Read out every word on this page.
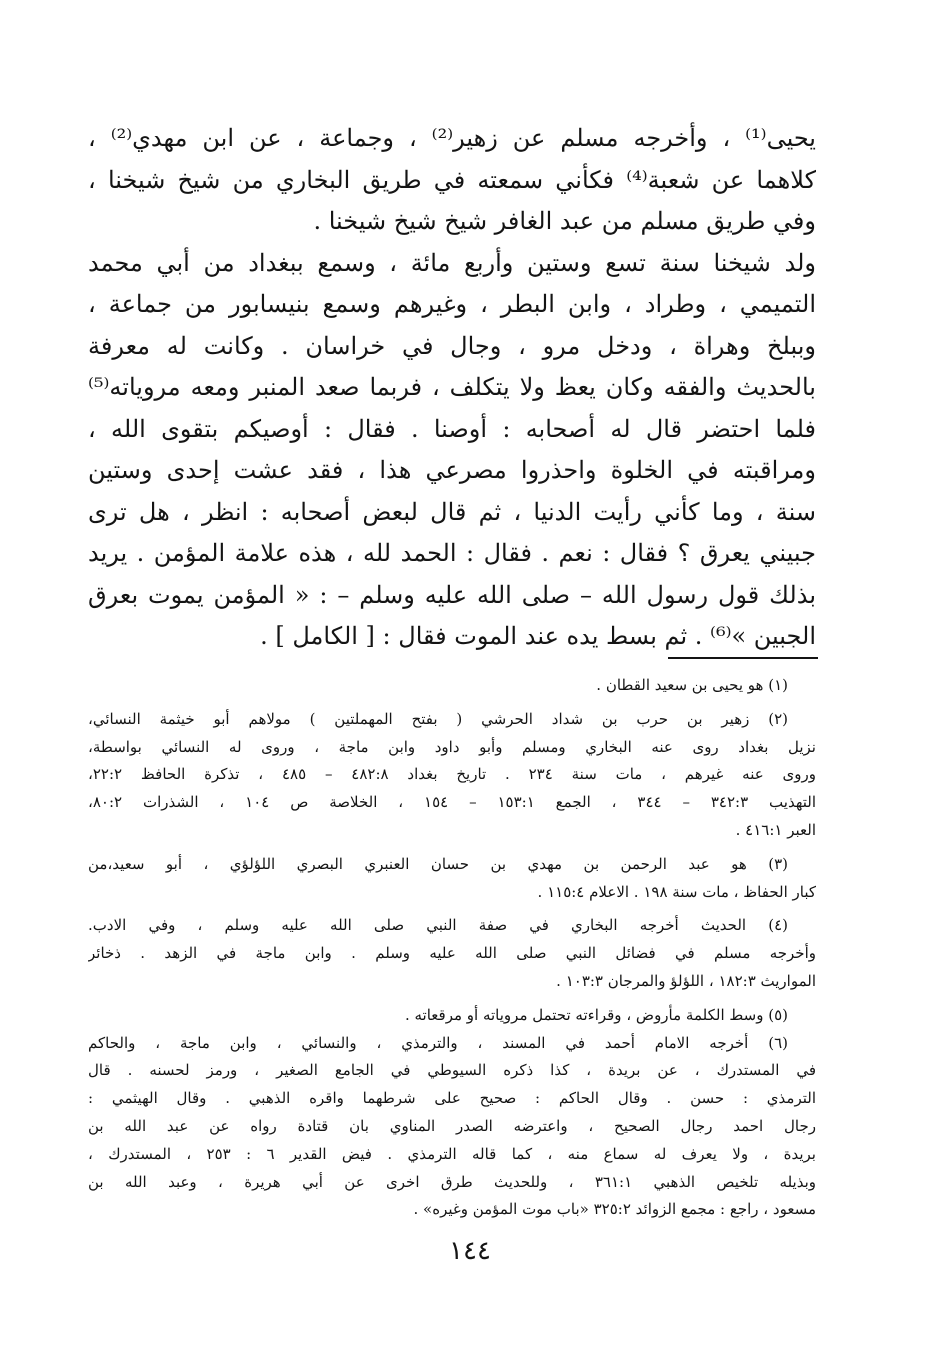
يحيى⁽¹⁾ ، وأخرجه مسلم عن زهير⁽²⁾ ، وجماعة ، عن ابن مهدي⁽²⁾ ،
كلاهما عن شعبة⁽⁴⁾ فكأني سمعته في طريق البخاري من شيخ شيخنا ،
وفي طريق مسلم من عبد الغافر شيخ شيخ شيخنا .
ولد شيخنا سنة تسع وستين وأربع مائة ، وسمع ببغداد من أبي محمد
التميمي ، وطراد ، وابن البطر ، وغيرهم وسمع بنيسابور من جماعة ،
وببلخ وهراة ، ودخل مرو ، وجال في خراسان . وكانت له معرفة
بالحديث والفقه وكان يعظ ولا يتكلف ، فربما صعد المنبر ومعه مروياته⁽⁵⁾
فلما احتضر قال له أصحابه : أوصنا . فقال : أوصيكم بتقوى الله ،
ومراقبته في الخلوة واحذروا مصرعي هذا ، فقد عشت إحدى وستين
سنة ، وما كأني رأيت الدنيا ، ثم قال لبعض أصحابه : انظر ، هل ترى
جبيني يعرق ؟ فقال : نعم . فقال : الحمد لله ، هذه علامة المؤمن . يريد
بذلك قول رسول الله – صلى الله عليه وسلم – : « المؤمن يموت بعرق
الجبين »⁽⁶⁾ . ثم بسط يده عند الموت فقال : [ الكامل ] .
(١) هو يحيى بن سعيد القطان .
(٢) زهير بن حرب بن شداد الحرشي ( بفتح المهملتين ) مولاهم أبو خيثمة النسائي،
نزيل بغداد روى عنه البخاري ومسلم وأبو داود وابن ماجة ، وروى له النسائي بواسطة،
وروى عنه غيرهم ، مات سنة ٢٣٤ . تاريخ بغداد ٤٨٢:٨ – ٤٨٥ ، تذكرة الحافظ ٢٢:٢،
التهذيب ٣٤٢:٣ – ٣٤٤ ، الجمع ١٥٣:١ – ١٥٤ ، الخلاصة ص ١٠٤ ، الشذرات ٨٠:٢،
العبر ٤١٦:١ .
(٣) هو عبد الرحمن بن مهدي بن حسان العنبري البصري اللؤلؤي ، أبو سعيد،من
كبار الحفاظ ، مات سنة ١٩٨ . الاعلام ١١٥:٤ .
(٤) الحديث أخرجه البخاري في صفة النبي صلى الله عليه وسلم ، وفي الادب.
وأخرجه مسلم في فضائل النبي صلى الله عليه وسلم . وابن ماجة في الزهد . ذخائر
المواريث ١٨٢:٣ ، اللؤلؤ والمرجان ١٠٣:٣ .
(٥) وسط الكلمة مأروض ، وقراءته تحتمل مروياته أو مرقعاته .
(٦) أخرجه الامام أحمد في المسند ، والترمذي ، والنسائي ، وابن ماجة ، والحاكم
في المستدرك ، عن بريدة ، كذا ذكره السيوطي في الجامع الصغير ، ورمز لحسنه . قال
الترمذي : حسن . وقال الحاكم : صحيح على شرطهما واقره الذهبي . وقال الهيثمي :
رجال احمد رجال الصحيح ، واعترضه الصدر المناوي بان قتادة رواه عن عبد الله بن
بريدة ، ولا يعرف له سماع منه ، كما قاله الترمذي . فيض القدير ٦ : ٢٥٣ ، المستدرك ،
وبذيله تلخيص الذهبي ٣٦١:١ ، وللحديث طرق اخرى عن أبي هريرة ، وعبد الله بن
مسعود ، راجع : مجمع الزوائد ٣٢٥:٢ «باب موت المؤمن وغيره» .
١٤٤
